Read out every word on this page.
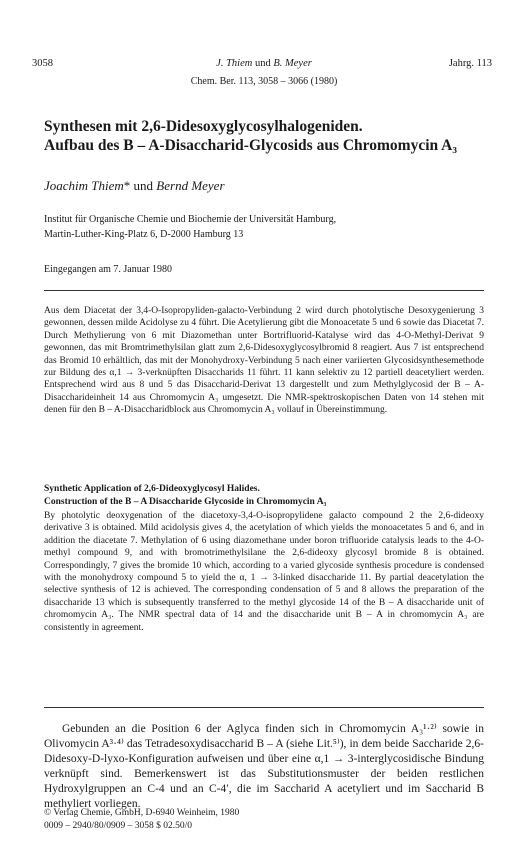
3058	J. Thiem und B. Meyer	Jahrg. 113
Chem. Ber. 113, 3058 – 3066 (1980)
Synthesen mit 2,6-Didesoxyglycosylhalogeniden.
Aufbau des B – A-Disaccharid-Glycosids aus Chromomycin A₃
Joachim Thiem* und Bernd Meyer
Institut für Organische Chemie und Biochemie der Universität Hamburg,
Martin-Luther-King-Platz 6, D-2000 Hamburg 13
Eingegangen am 7. Januar 1980
Aus dem Diacetat der 3,4-O-Isopropyliden-galacto-Verbindung 2 wird durch photolytische Desoxygenierung 3 gewonnen, dessen milde Acidolyse zu 4 führt. Die Acetylierung gibt die Monoacetate 5 und 6 sowie das Diacetat 7. Durch Methylierung von 6 mit Diazomethan unter Bortrifluorid-Katalyse wird das 4-O-Methyl-Derivat 9 gewonnen, das mit Bromtrimethylsilan glatt zum 2,6-Didesoxyglycosylbromid 8 reagiert. Aus 7 ist entsprechend das Bromid 10 erhältlich, das mit der Monohydroxy-Verbindung 5 nach einer variierten Glycosidsynthesemethode zur Bildung des α,1 → 3-verknüpften Disaccharids 11 führt. 11 kann selektiv zu 12 partiell deacetyliert werden. Entsprechend wird aus 8 und 5 das Disaccharid-Derivat 13 dargestellt und zum Methylglycosid der B – A-Disaccharideinheit 14 aus Chromomycin A₃ umgesetzt. Die NMR-spektroskopischen Daten von 14 stehen mit denen für den B – A-Disaccharidblock aus Chromomycin A₃ vollauf in Übereinstimmung.
Synthetic Application of 2,6-Dideoxyglycosyl Halides.
Construction of the B – A Disaccharide Glycoside in Chromomycin A₃
By photolytic deoxygenation of the diacetoxy-3,4-O-isopropylidene galacto compound 2 the 2,6-dideoxy derivative 3 is obtained. Mild acidolysis gives 4, the acetylation of which yields the monoacetates 5 and 6, and in addition the diacetate 7. Methylation of 6 using diazomethane under boron trifluoride catalysis leads to the 4-O-methyl compound 9, and with bromotrimethylsilane the 2,6-dideoxy glycosyl bromide 8 is obtained. Correspondingly, 7 gives the bromide 10 which, according to a varied glycoside synthesis procedure is condensed with the monohydroxy compound 5 to yield the α, 1 → 3-linked disaccharide 11. By partial deacetylation the selective synthesis of 12 is achieved. The corresponding condensation of 5 and 8 allows the preparation of the disaccharide 13 which is subsequently transferred to the methyl glycoside 14 of the B – A disaccharide unit of chromomycin A₃. The NMR spectral data of 14 and the disaccharide unit B – A in chromomycin A₃ are consistently in agreement.
Gebunden an die Position 6 der Aglyca finden sich in Chromomycin A₃¹·²⁾ sowie in Olivomycin A³·⁴⁾ das Tetradesoxydisaccharid B – A (siehe Lit.⁵⁾), in dem beide Saccharide 2,6-Didesoxy-D-lyxo-Konfiguration aufweisen und über eine α,1 → 3-interglycosidische Bindung verknüpft sind. Bemerkenswert ist das Substitutionsmuster der beiden restlichen Hydroxylgruppen an C-4 und an C-4′, die im Saccharid A acetyliert und im Saccharid B methyliert vorliegen.
© Verlag Chemie, GmbH, D-6940 Weinheim, 1980
0009 – 2940/80/0909 – 3058 $ 02.50/0
